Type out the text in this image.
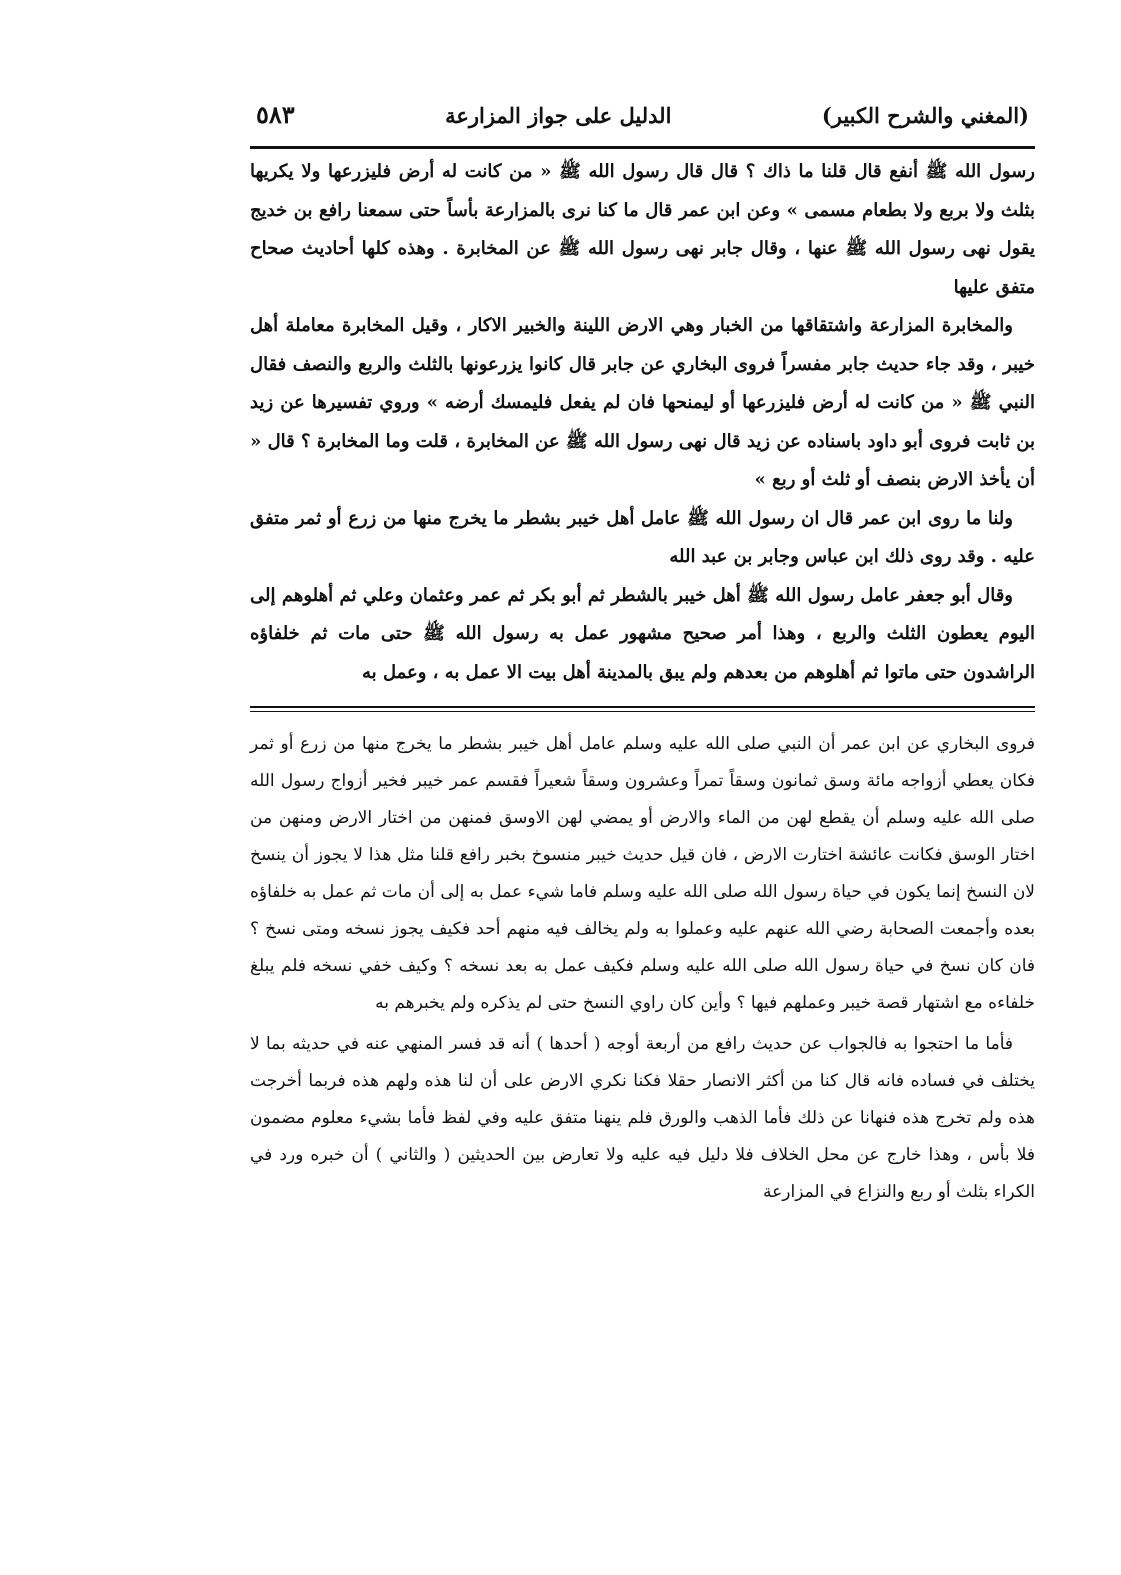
(المغني والشرح الكبير)
الدليل على جواز المزارعة
٥٨٣

رسول الله ﷺ أنفع قال قلنا ما ذاك ؟ قال قال رسول الله ﷺ « من كانت له أرض فليزرعها ولا يكريها بثلث ولا بربع ولا بطعام مسمى » وعن ابن عمر قال ما كنا نرى بالمزارعة بأساً حتى سمعنا رافع بن خديج يقول نهى رسول الله ﷺ عنها ، وقال جابر نهى رسول الله ﷺ عن المخابرة . وهذه كلها أحاديث صحاح متفق عليها

والمخابرة المزارعة واشتقاقها من الخبار وهي الارض اللينة والخبير الاكار ، وقيل المخابرة معاملة أهل خيبر ، وقد جاء حديث جابر مفسراً فروى البخاري عن جابر قال كانوا يزرعونها بالثلث والربع والنصف فقال النبي ﷺ « من كانت له أرض فليزرعها أو ليمنحها فان لم يفعل فليمسك أرضه » وروي تفسيرها عن زيد بن ثابت فروى أبو داود باسناده عن زيد قال نهى رسول الله ﷺ عن المخابرة ، قلت وما المخابرة ؟ قال « أن يأخذ الارض بنصف أو ثلث أو ربع »

ولنا ما روى ابن عمر قال ان رسول الله ﷺ عامل أهل خيبر بشطر ما يخرج منها من زرع أو ثمر متفق عليه . وقد روى ذلك ابن عباس وجابر بن عبد الله

وقال أبو جعفر عامل رسول الله ﷺ أهل خيبر بالشطر ثم أبو بكر ثم عمر وعثمان وعلي ثم أهلوهم إلى اليوم يعطون الثلث والربع ، وهذا أمر صحيح مشهور عمل به رسول الله ﷺ حتى مات ثم خلفاؤه الراشدون حتى ماتوا ثم أهلوهم من بعدهم ولم يبق بالمدينة أهل بيت الا عمل به ، وعمل به

فروى البخاري عن ابن عمر أن النبي صلى الله عليه وسلم عامل أهل خيبر بشطر ما يخرج منها من زرع أو ثمر فكان يعطي أزواجه مائة وسق ثمانون وسقاً تمراً وعشرون وسقاً شعيراً فقسم عمر خيبر فخير أزواج رسول الله صلى الله عليه وسلم أن يقطع لهن من الماء والارض أو يمضي لهن الاوسق فمنهن من اختار الارض ومنهن من اختار الوسق فكانت عائشة اختارت الارض ، فان قيل حديث خيبر منسوخ بخبر رافع قلنا مثل هذا لا يجوز أن ينسخ لان النسخ إنما يكون في حياة رسول الله صلى الله عليه وسلم فاما شيء عمل به إلى أن مات ثم عمل به خلفاؤه بعده وأجمعت الصحابة رضي الله عنهم عليه وعملوا به ولم يخالف فيه منهم أحد فكيف يجوز نسخه ومتى نسخ ؟ فان كان نسخ في حياة رسول الله صلى الله عليه وسلم فكيف عمل به بعد نسخه ؟ وكيف خفي نسخه فلم يبلغ خلفاءه مع اشتهار قصة خيبر وعملهم فيها ؟ وأين كان راوي النسخ حتى لم يذكره ولم يخبرهم به

فأما ما احتجوا به فالجواب عن حديث رافع من أربعة أوجه ( أحدها ) أنه قد فسر المنهي عنه في حديثه بما لا يختلف في فساده فانه قال كنا من أكثر الانصار حقلا فكنا نكري الارض على أن لنا هذه ولهم هذه فربما أخرجت هذه ولم تخرج هذه فنهانا عن ذلك فأما الذهب والورق فلم ينهنا متفق عليه وفي لفظ فأما بشيء معلوم مضمون فلا بأس ، وهذا خارج عن محل الخلاف فلا دليل فيه عليه ولا تعارض بين الحديثين ( والثاني ) أن خبره ورد في الكراء بثلث أو ربع والنزاع في المزارعة
